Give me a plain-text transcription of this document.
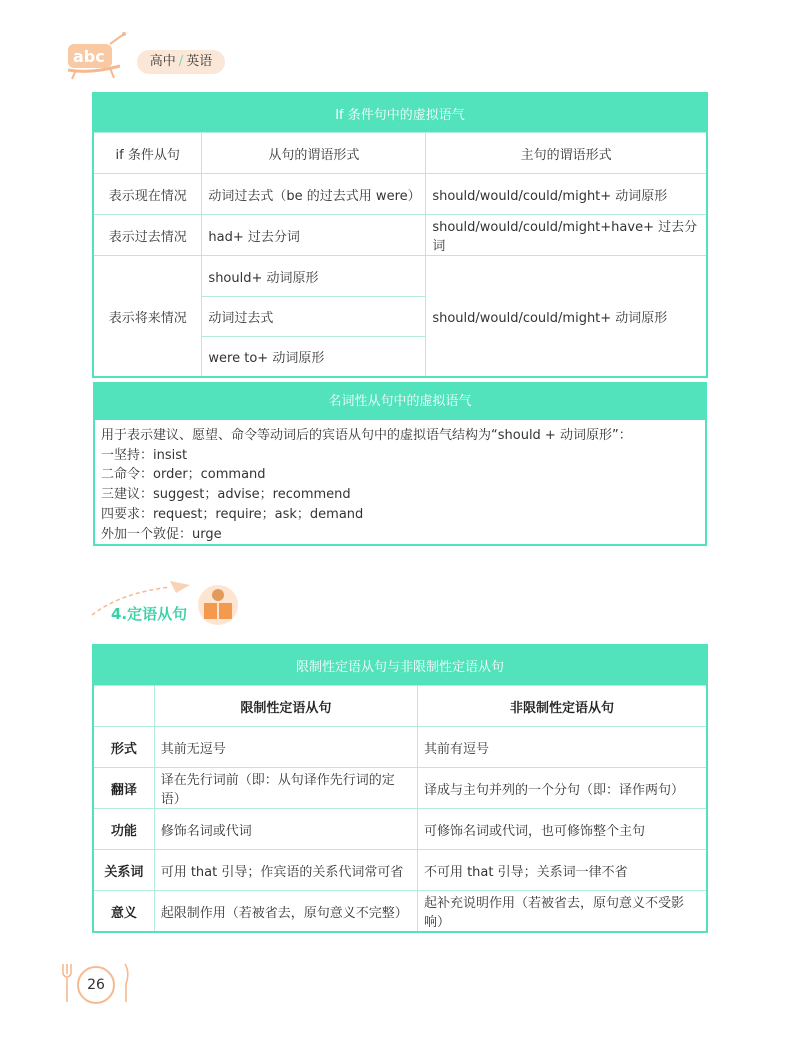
abc	高中 / 英语
If 条件句中的虚拟语气		
if 条件从句	从句的谓语形式	主句的谓语形式
表示现在情况	动词过去式（be 的过去式用 were）	should/would/could/might+ 动词原形
表示过去情况	had+ 过去分词	should/would/could/might+have+ 过去分词
表示将来情况	should+ 动词原形	should/would/could/might+ 动词原形
	动词过去式	
	were to+ 动词原形	
名词性从句中的虚拟语气
用于表示建议、愿望、命令等动词后的宾语从句中的虚拟语气结构为“should + 动词原形”：
一坚持：insist
二命令：order；command
三建议：suggest；advise；recommend
四要求：request；require；ask；demand
外加一个敦促：urge
4.定语从句
限制性定语从句与非限制性定语从句		
	限制性定语从句	非限制性定语从句
形式	其前无逗号	其前有逗号
翻译	译在先行词前（即：从句译作先行词的定语）	译成与主句并列的一个分句（即：译作两句）
功能	修饰名词或代词	可修饰名词或代词，也可修饰整个主句
关系词	可用 that 引导；作宾语的关系代词常可省	不可用 that 引导；关系词一律不省
意义	起限制作用（若被省去，原句意义不完整）	起补充说明作用（若被省去，原句意义不受影响）
26
